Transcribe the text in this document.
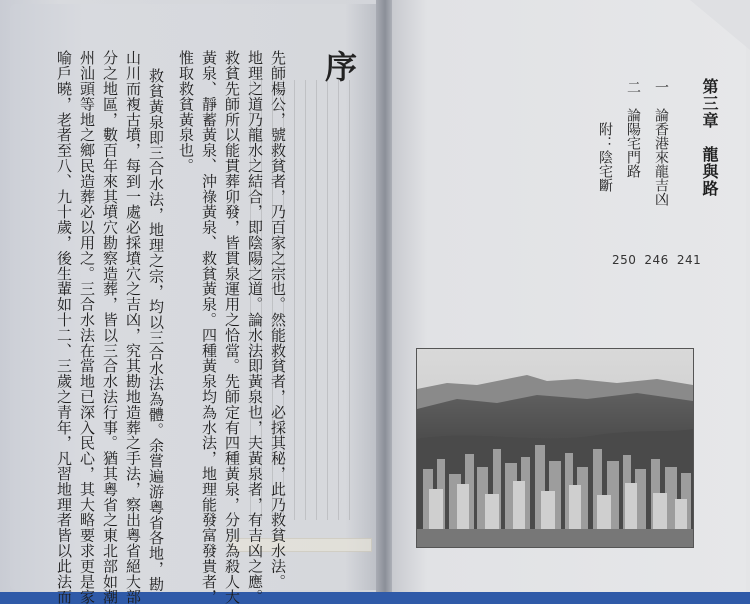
序
先師楊公，號救貧者，乃百家之宗也。然能救貧者，必採其秘，此乃救貧水法。
地理之道乃龍水之結合，即陰陽之道。論水法即黃泉也，夫黃泉者，有吉凶之應。
救貧先師所以能貫葬卯發，皆貫泉運用之恰當。先師定有四種黃泉，分別為殺人大
黃泉、靜蓄黃泉、沖祿黃泉、救貧黃泉。四種黃泉均為水法，地理能發富發貴者，
惟取救貧黃泉也。
救貧黃泉即三合水法，地理之宗，均以三合水法為體。余嘗遍游粵省各地，勘
山川而複古墳，每到一處必採墳穴之吉凶，究其勘地造葬之手法，察出粵省絕大部
分之地區，數百年來其墳穴勘察造葬，皆以三合水法行事。猶其粵省之東北部如潮
州汕頭等地之鄉民造葬必以用之。三合水法在當地已深入民心，其大略要求更是家
喻戶曉，老者至八、九十歲，後生輩如十二、三歲之青年，凡習地理者皆以此法而	第三章　龍與路
一　論香港來龍吉凶
二　論陽宅門路
附：陰宅斷
250 246 241
